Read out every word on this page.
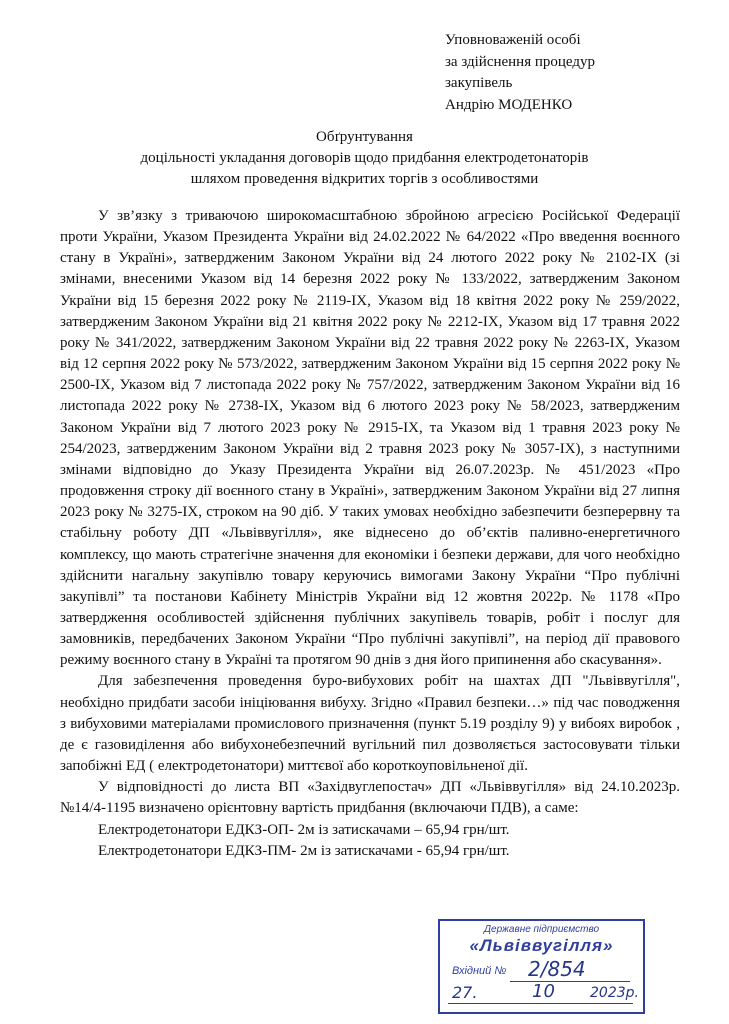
Уповноваженій особі
за здійснення процедур
закупівель
Андрію МОДЕНКО
Обґрунтування
доцільності укладання договорів щодо придбання електродетонаторів
шляхом проведення відкритих торгів з особливостями

У зв’язку з триваючою широкомасштабною збройною агресією Російської Федерації проти України, Указом Президента України від 24.02.2022 № 64/2022 «Про введення воєнного стану в Україні», затвердженим Законом України від 24 лютого 2022 року № 2102-IX (зі змінами, внесеними Указом від 14 березня 2022 року № 133/2022, затвердженим Законом України від 15 березня 2022 року № 2119-IX, Указом від 18 квітня 2022 року № 259/2022, затвердженим Законом України від 21 квітня 2022 року № 2212-IX, Указом від 17 травня 2022 року № 341/2022, затвердженим Законом України від 22 травня 2022 року № 2263-IX, Указом від 12 серпня 2022 року № 573/2022, затвердженим Законом України від 15 серпня 2022 року № 2500-IX, Указом від 7 листопада 2022 року № 757/2022, затвердженим Законом України від 16 листопада 2022 року № 2738-IX, Указом від 6 лютого 2023 року № 58/2023, затвердженим Законом України від 7 лютого 2023 року № 2915-IX, та Указом від 1 травня 2023 року № 254/2023, затвердженим Законом України від 2 травня 2023 року № 3057-IX), з наступними змінами відповідно до Указу Президента України від 26.07.2023р. № 451/2023 «Про продовження строку дії воєнного стану в Україні», затвердженим Законом України від 27 липня 2023 року № 3275-IX, строком на 90 діб. У таких умовах необхідно забезпечити безперервну та стабільну роботу ДП «Львіввугілля», яке віднесено до об’єктів паливно-енергетичного комплексу, що мають стратегічне значення для економіки і безпеки держави, для чого необхідно здійснити нагальну закупівлю товару керуючись вимогами Закону України “Про публічні закупівлі” та постанови Кабінету Міністрів України від 12 жовтня 2022р. № 1178 «Про затвердження особливостей здійснення публічних закупівель товарів, робіт і послуг для замовників, передбачених Законом України “Про публічні закупівлі”, на період дії правового режиму воєнного стану в Україні та протягом 90 днів з дня його припинення або скасування».

Для забезпечення проведення буро-вибухових робіт на шахтах ДП "Львіввугілля", необхідно придбати засоби ініціювання вибуху. Згідно «Правил безпеки…» під час поводження з вибуховими матеріалами промислового призначення (пункт 5.19 розділу 9) у вибоях виробок , де є газовиділення або вибухонебезпечний вугільний пил дозволяється застосовувати тільки запобіжні ЕД ( електродетонатори) миттєвої або короткоуповільненої дії.

У відповідності до листа ВП «Західвуглепостач» ДП «Львіввугілля» від 24.10.2023р. №14/4-1195 визначено орієнтовну вартість придбання (включаючи ПДВ), а саме:

Електродетонатори ЕДКЗ-ОП- 2м із затискачами – 65,94 грн/шт.

Електродетонатори ЕДКЗ-ПМ- 2м із затискачами - 65,94 грн/шт.

Державне підприємство
«Львіввугілля»
Вхідний № 2/854
27.	10	2023р.
